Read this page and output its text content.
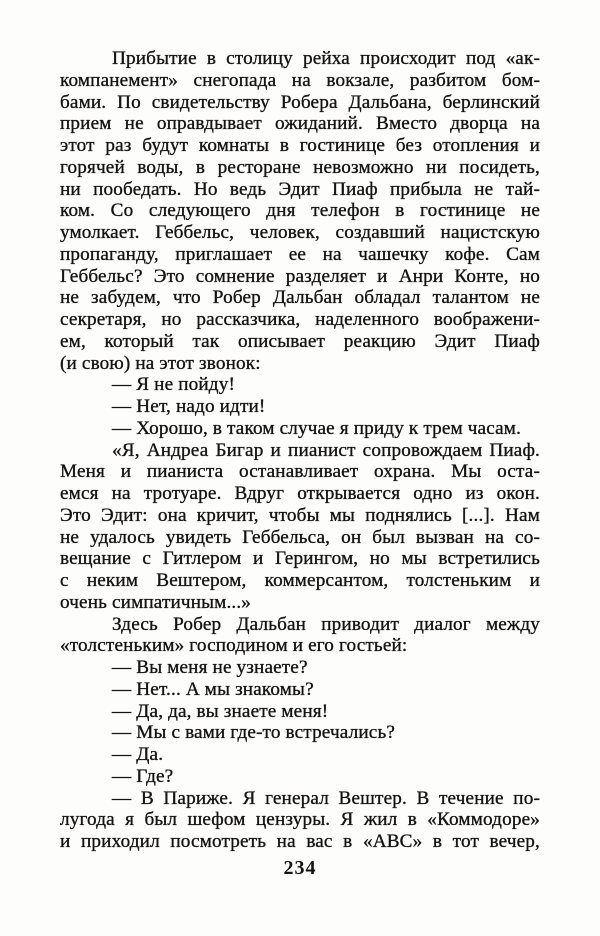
Прибытие в столицу рейха происходит под «ак-
компанемент» снегопада на вокзале, разбитом бом-
бами. По свидетельству Робера Дальбана, берлинский
прием не оправдывает ожиданий. Вместо дворца на
этот раз будут комнаты в гостинице без отопления и
горячей воды, в ресторане невозможно ни посидеть,
ни пообедать. Но ведь Эдит Пиаф прибыла не тай-
ком. Со следующего дня телефон в гостинице не
умолкает. Геббельс, человек, создавший нацистскую
пропаганду, приглашает ее на чашечку кофе. Сам
Геббельс? Это сомнение разделяет и Анри Конте, но
не забудем, что Робер Дальбан обладал талантом не
секретаря, но рассказчика, наделенного воображени-
ем, который так описывает реакцию Эдит Пиаф
(и свою) на этот звонок:
— Я не пойду!
— Нет, надо идти!
— Хорошо, в таком случае я приду к трем часам.
«Я, Андреа Бигар и пианист сопровождаем Пиаф.
Меня и пианиста останавливает охрана. Мы оста-
емся на тротуаре. Вдруг открывается одно из окон.
Это Эдит: она кричит, чтобы мы поднялись [...]. Нам
не удалось увидеть Геббельса, он был вызван на со-
вещание с Гитлером и Герингом, но мы встретились
с неким Вештером, коммерсантом, толстеньким и
очень симпатичным...»
Здесь Робер Дальбан приводит диалог между
«толстеньким» господином и его гостьей:
— Вы меня не узнаете?
— Нет... А мы знакомы?
— Да, да, вы знаете меня!
— Мы с вами где-то встречались?
— Да.
— Где?
— В Париже. Я генерал Вештер. В течение по-
лугода я был шефом цензуры. Я жил в «Коммодоре»
и приходил посмотреть на вас в «ABC» в тот вечер,
234
